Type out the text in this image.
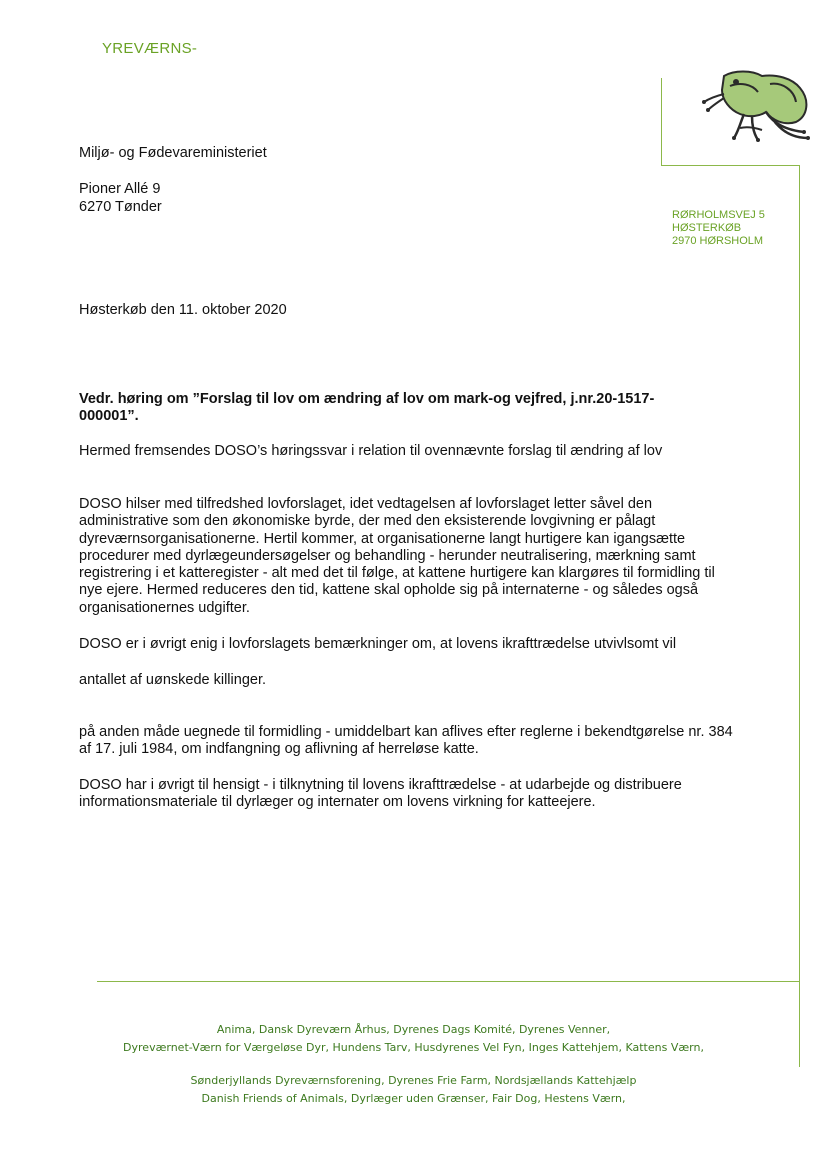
YREVÆRNS-
RØRHOLMSVEJ 5
HØSTERKØB
2970 HØRSHOLM
Miljø- og Fødevareministeriet
Pioner Allé 9
6270 Tønder
Høsterkøb den 11. oktober 2020
Vedr. høring om ”Forslag til lov om ændring af lov om mark-og vejfred, j.nr.20-1517-000001”.
Hermed fremsendes DOSO’s høringssvar i relation til ovennævnte forslag til ændring af lov
DOSO hilser med tilfredshed lovforslaget, idet vedtagelsen af lovforslaget letter såvel den administrative som den økonomiske byrde, der med den eksisterende lovgivning er pålagt dyreværnsorganisationerne. Hertil kommer, at organisationerne langt hurtigere kan igangsætte procedurer med dyrlægeundersøgelser og behandling - herunder neutralisering, mærkning samt registrering i et katteregister - alt med det til følge, at kattene hurtigere kan klargøres til formidling til nye ejere. Hermed reduceres den tid, kattene skal opholde sig på internaterne - og således også organisationernes udgifter.
DOSO er i øvrigt enig i lovforslagets bemærkninger om, at lovens ikrafttrædelse utvivlsomt vil
antallet af uønskede killinger.
på anden måde uegnede til formidling - umiddelbart kan aflives efter reglerne i bekendtgørelse nr. 384 af 17. juli 1984, om indfangning og aflivning af herreløse katte.
DOSO har i øvrigt til hensigt - i tilknytning til lovens ikrafttrædelse - at udarbejde og distribuere informationsmateriale til dyrlæger og internater om lovens virkning for katteejere.
Anima, Dansk Dyreværn Århus, Dyrenes Dags Komité, Dyrenes Venner,
Dyreværnet-Værn for Værgeløse Dyr, Hundens Tarv, Husdyrenes Vel Fyn, Inges Kattehjem, Kattens Værn,
Sønderjyllands Dyreværnsforening, Dyrenes Frie Farm, Nordsjællands Kattehjælp
Danish Friends of Animals, Dyrlæger uden Grænser, Fair Dog, Hestens Værn,
